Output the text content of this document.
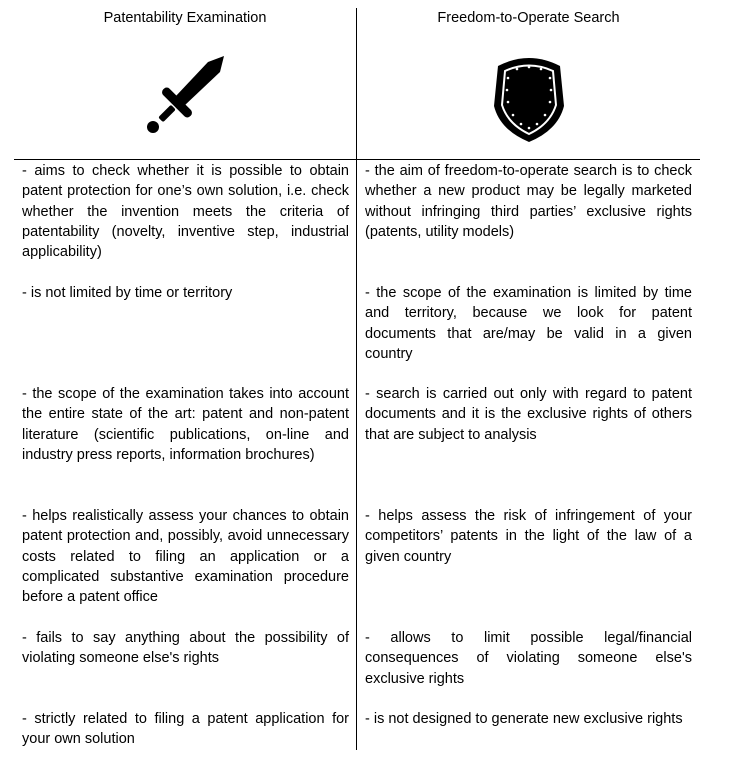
Patentability Examination	Freedom-to-Operate Search
- aims to check whether it is possible to obtain patent protection for one’s own solution, i.e. check whether the invention meets the criteria of patentability (novelty, inventive step, industrial applicability)
- is not limited by time or territory
- the scope of the examination takes into account the entire state of the art: patent and non-patent literature (scientific publications, on-line and industry press reports, information brochures)
- helps realistically assess your chances to obtain patent protection and, possibly, avoid unnecessary costs related to filing an application or a complicated substantive examination procedure before a patent office
- fails to say anything about the possibility of violating someone else's rights
- strictly related to filing a patent application for your own solution
- the aim of freedom-to-operate search is to check whether a new product may be legally marketed without infringing third parties’ exclusive rights (patents, utility models)
- the scope of the examination is limited by time and territory, because we look for patent documents that are/may be valid in a given country
- search is carried out only with regard to patent documents and it is the exclusive rights of others that are subject to analysis
- helps assess the risk of infringement of your competitors’ patents in the light of the law of a given country
- allows to limit possible legal/financial consequences of violating someone else's exclusive rights
- is not designed to generate new exclusive rights
